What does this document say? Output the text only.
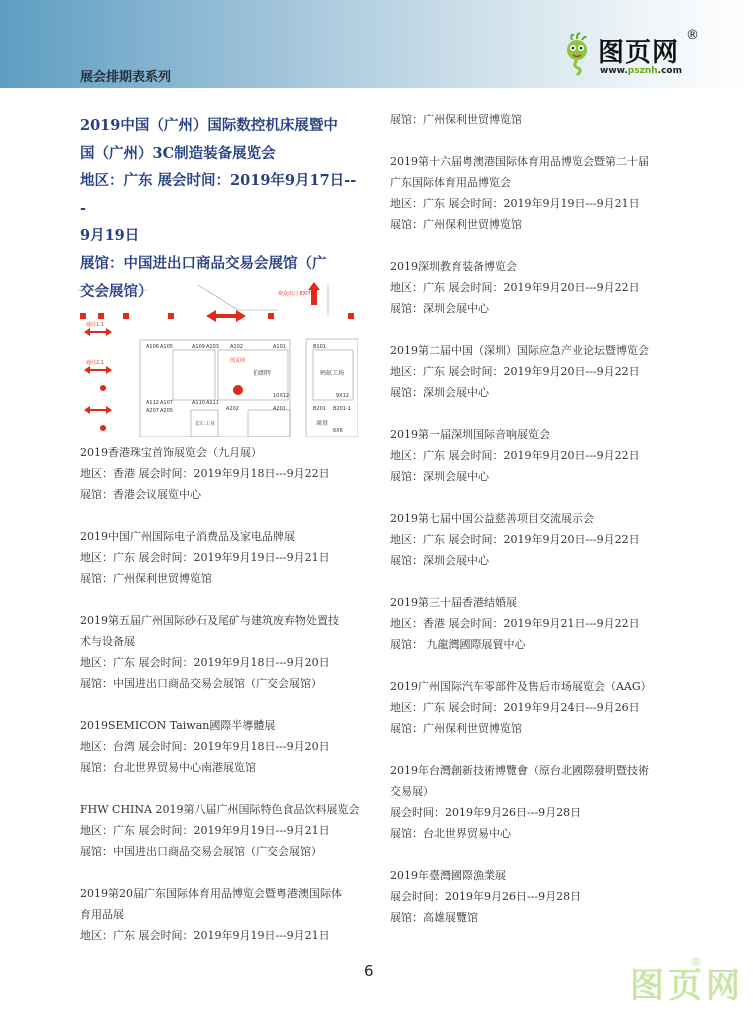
展会排期表系列
图页网
®
www.psznh.com
2019中国（广州）国际数控机床展暨中
国（广州）3C制造装备展览会
地区：广东 展会时间：2019年9月17日---
9月19日
展馆：中国进出口商品交易会展馆（广
交会展馆）
A106 A105	A109 A103 A102	A101	B101
伯朗特	蚂蚁工场
图页网
A112 A107	A110 A111
A202	A201	B201 B201-1
A207 A205
10X12	9X12
6X6
商基
长仁工业
观众出口 EXIT
通往1.1
通往2.1
2019香港珠宝首饰展览会（九月展）
地区：香港 展会时间：2019年9月18日---9月22日
展馆：香港会议展览中心
2019中国广州国际电子消费品及家电品牌展
地区：广东 展会时间：2019年9月19日---9月21日
展馆：广州保利世贸博览馆
2019第五届广州国际砂石及尾矿与建筑废弃物处置技
术与设备展
地区：广东 展会时间：2019年9月18日---9月20日
展馆：中国进出口商品交易会展馆（广交会展馆）
2019SEMICON Taiwan國際半導體展
地区：台湾 展会时间：2019年9月18日---9月20日
展馆：台北世界贸易中心南港展览馆
FHW CHINA 2019第八届广州国际特色食品饮料展览会
地区：广东 展会时间：2019年9月19日---9月21日
展馆：中国进出口商品交易会展馆（广交会展馆）
2019第20届广东国际体育用品博览会暨粤港澳国际体
育用品展
地区：广东 展会时间：2019年9月19日---9月21日
展馆：广州保利世贸博览馆
2019第十六届粤澳港国际体育用品博览会暨第二十届
广东国际体育用品博览会
地区：广东 展会时间：2019年9月19日---9月21日
展馆：广州保利世贸博览馆
2019深圳教育装备博览会
地区：广东 展会时间：2019年9月20日---9月22日
展馆：深圳会展中心
2019第二届中国（深圳）国际应急产业论坛暨博览会
地区：广东 展会时间：2019年9月20日---9月22日
展馆：深圳会展中心
2019第一届深圳国际音响展览会
地区：广东 展会时间：2019年9月20日---9月22日
展馆：深圳会展中心
2019第七届中国公益慈善项目交流展示会
地区：广东 展会时间：2019年9月20日---9月22日
展馆：深圳会展中心
2019第三十届香港结婚展
地区：香港 展会时间：2019年9月21日---9月22日
展馆： 九龍灣國際展貿中心
2019广州国际汽车零部件及售后市场展览会（AAG）
地区：广东 展会时间：2019年9月24日---9月26日
展馆：广州保利世贸博览馆
2019年台灣創新技術博覽會（原台北國際發明暨技術
交易展）
展会时间：2019年9月26日---9月28日
展馆：台北世界贸易中心
2019年臺灣國際漁業展
展会时间：2019年9月26日---9月28日
展馆：高雄展覽馆
6	图页网
®
